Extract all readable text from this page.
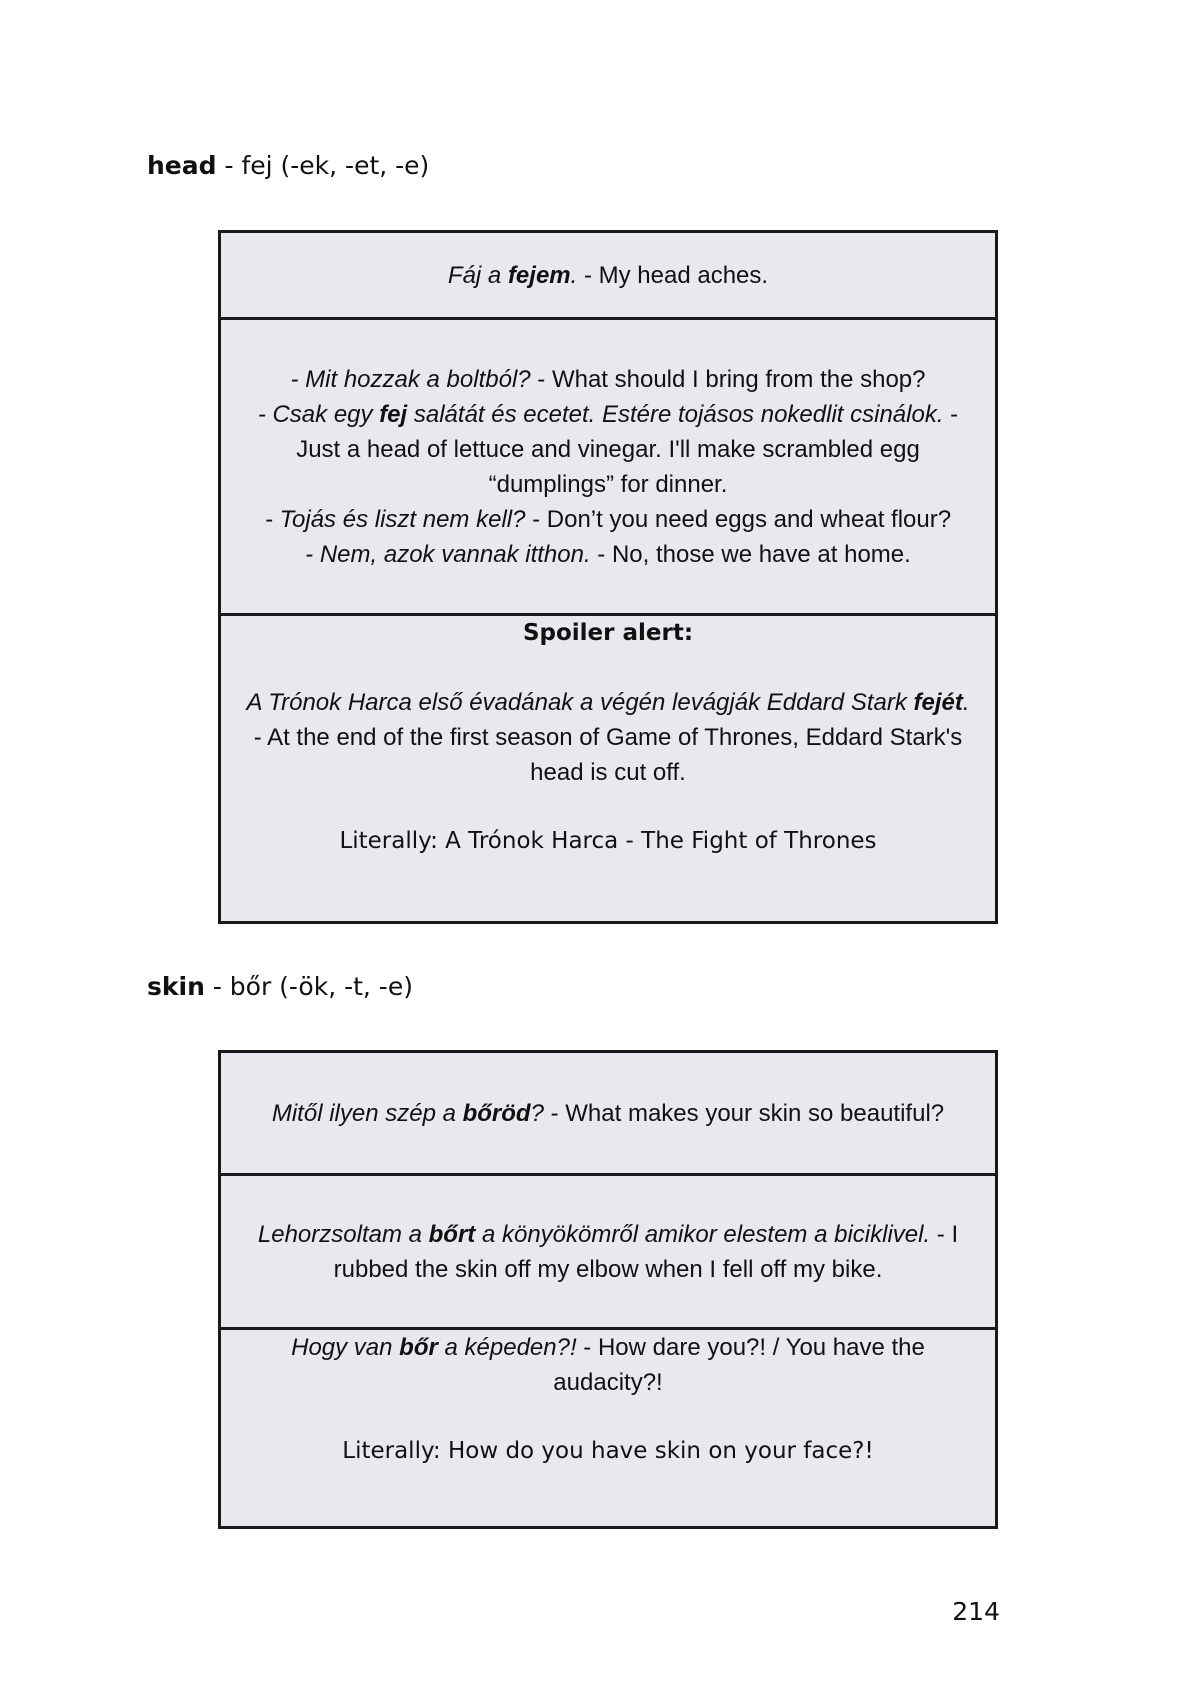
head - fej (-ek, -et, -e)

Fáj a fejem. - My head aches.

- Mit hozzak a boltból? - What should I bring from the shop?

- Csak egy fej salátát és ecetet. Estére tojásos nokedlit csinálok. - Just a head of lettuce and vinegar. I'll make scrambled egg “dumplings” for dinner.

- Tojás és liszt nem kell? - Don’t you need eggs and wheat flour?

- Nem, azok vannak itthon. - No, those we have at home.

Spoiler alert:

A Trónok Harca első évadának a végén levágják Eddard Stark fejét. - At the end of the first season of Game of Thrones, Eddard Stark's head is cut off.

Literally: A Trónok Harca - The Fight of Thrones

skin - bőr (-ök, -t, -e)

Mitől ilyen szép a bőröd? - What makes your skin so beautiful?

Lehorzsoltam a bőrt a könyökömről amikor elestem a biciklivel. - I rubbed the skin off my elbow when I fell off my bike.

Hogy van bőr a képeden?! - How dare you?! / You have the audacity?!

Literally: How do you have skin on your face?!

214
